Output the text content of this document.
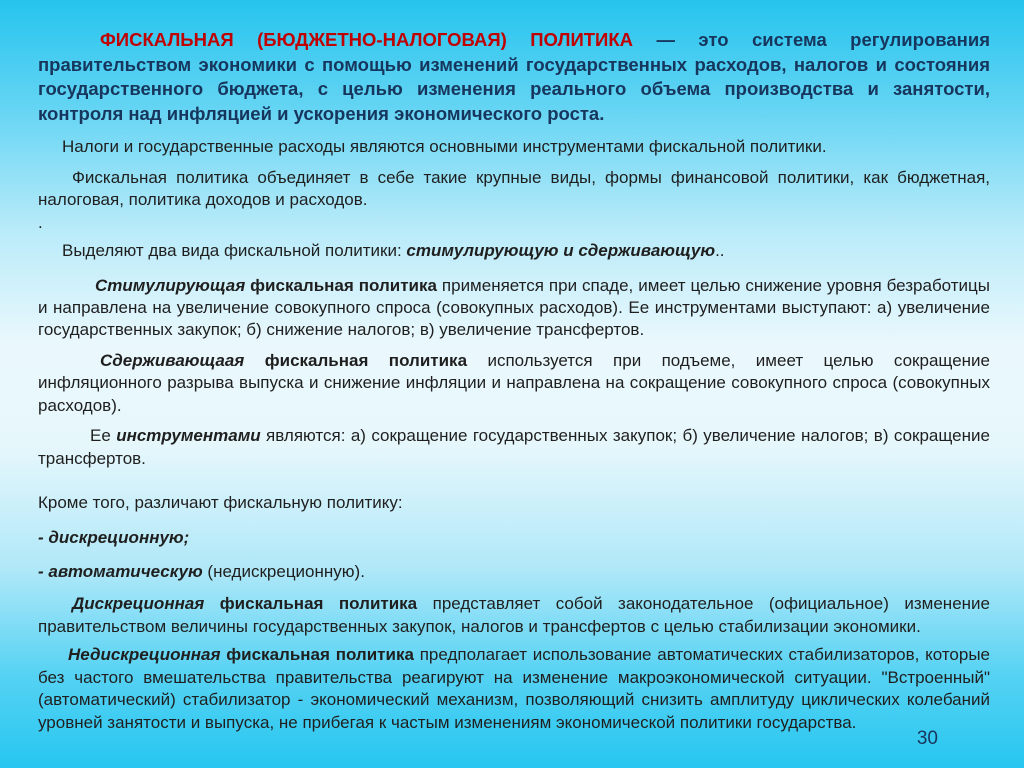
ФИСКАЛЬНАЯ (БЮДЖЕТНО-НАЛОГОВАЯ) ПОЛИТИКА — это система регулирования правительством экономики с помощью изменений государственных расходов, налогов и состояния государственного бюджета, с целью изменения реального объема производства и занятости, контроля над инфляцией и ускорения экономического роста.

Налоги и государственные расходы являются основными инструментами фискальной политики.

Фискальная политика объединяет в себе такие крупные виды, формы финансовой политики, как бюджетная, налоговая, политика доходов и расходов.

.

Выделяют два вида фискальной политики: стимулирующую и сдерживающую..

Стимулирующая фискальная политика применяется при спаде, имеет целью снижение уровня безработицы и направлена на увеличение совокупного спроса (совокупных расходов). Ее инструментами выступают: а) увеличение государственных закупок; б) снижение налогов; в) увеличение трансфертов.

Сдерживающаая фискальная политика используется при подъеме, имеет целью сокращение инфляционного разрыва выпуска и снижение инфляции и направлена на сокращение совокупного спроса (совокупных расходов).

Ее инструментами являются: а) сокращение государственных закупок; б) увеличение налогов; в) сокращение трансфертов.

Кроме того, различают фискальную политику:

- дискреционную;

- автоматическую (недискреционную).

Дискреционная фискальная политика представляет собой законодательное (официальное) изменение правительством величины государственных закупок, налогов и трансфертов с целью стабилизации экономики.

Недискреционная фискальная политика предполагает использование автоматических стабилизаторов, которые без частого вмешательства правительства реагируют на изменение макроэкономической ситуации. "Встроенный" (автоматический) стабилизатор - экономический механизм, позволяющий снизить амплитуду циклических колебаний уровней занятости и выпуска, не прибегая к частым изменениям экономической политики государства.

30
